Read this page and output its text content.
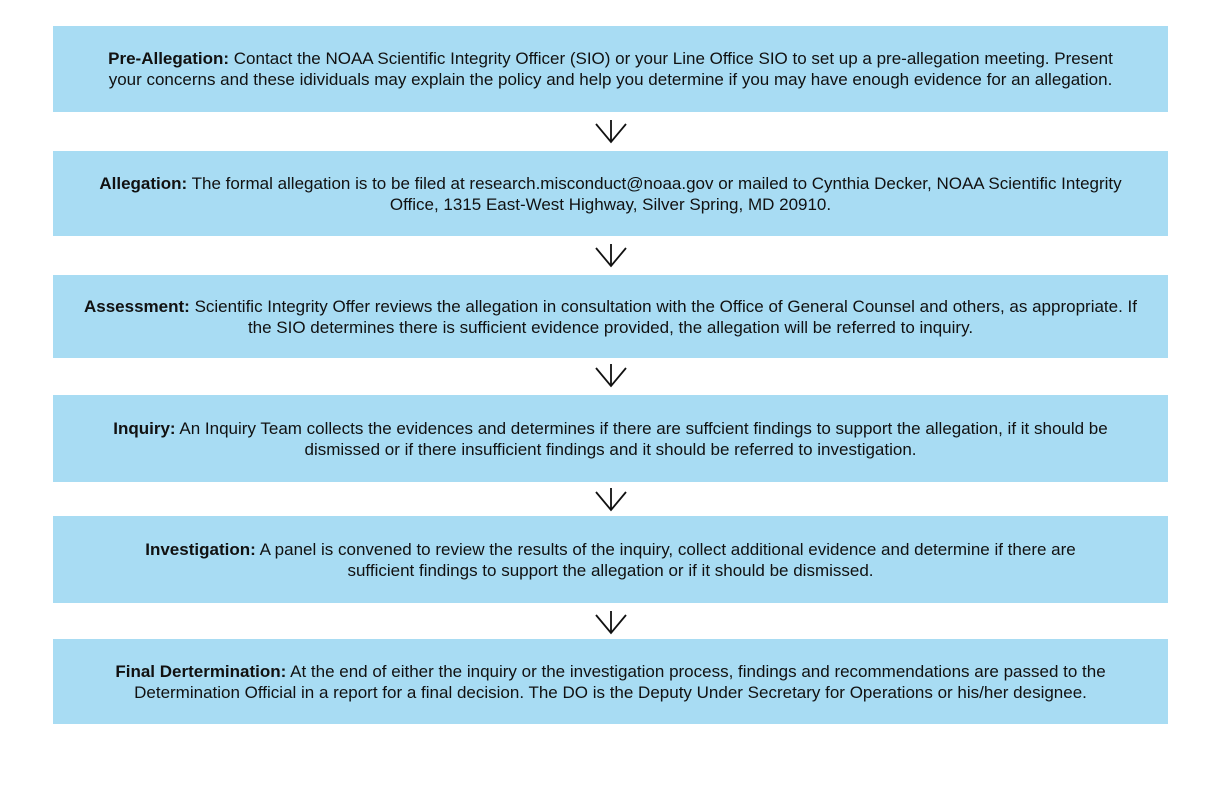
Pre-Allegation: Contact the NOAA Scientific Integrity Officer (SIO) or your Line Office SIO to set up a pre-allegation meeting. Present your concerns and these idividuals may explain the policy and help you determine if you may have enough evidence for an allegation.

Allegation: The formal allegation is to be filed at research.misconduct@noaa.gov or mailed to Cynthia Decker, NOAA Scientific Integrity Office, 1315 East-West Highway, Silver Spring, MD 20910.

Assessment: Scientific Integrity Offer reviews the allegation in consultation with the Office of General Counsel and others, as appropriate. If the SIO determines there is sufficient evidence provided, the allegation will be referred to inquiry.

Inquiry: An Inquiry Team collects the evidences and determines if there are suffcient findings to support the allegation, if it should be dismissed or if there insufficient findings and it should be referred to investigation.

Investigation: A panel is convened to review the results of the inquiry, collect additional evidence and determine if there are sufficient findings to support the allegation or if it should be dismissed.

Final Dertermination: At the end of either the inquiry or the investigation process, findings and recommendations are passed to the Determination Official in a report for a final decision. The DO is the Deputy Under Secretary for Operations or his/her designee.
